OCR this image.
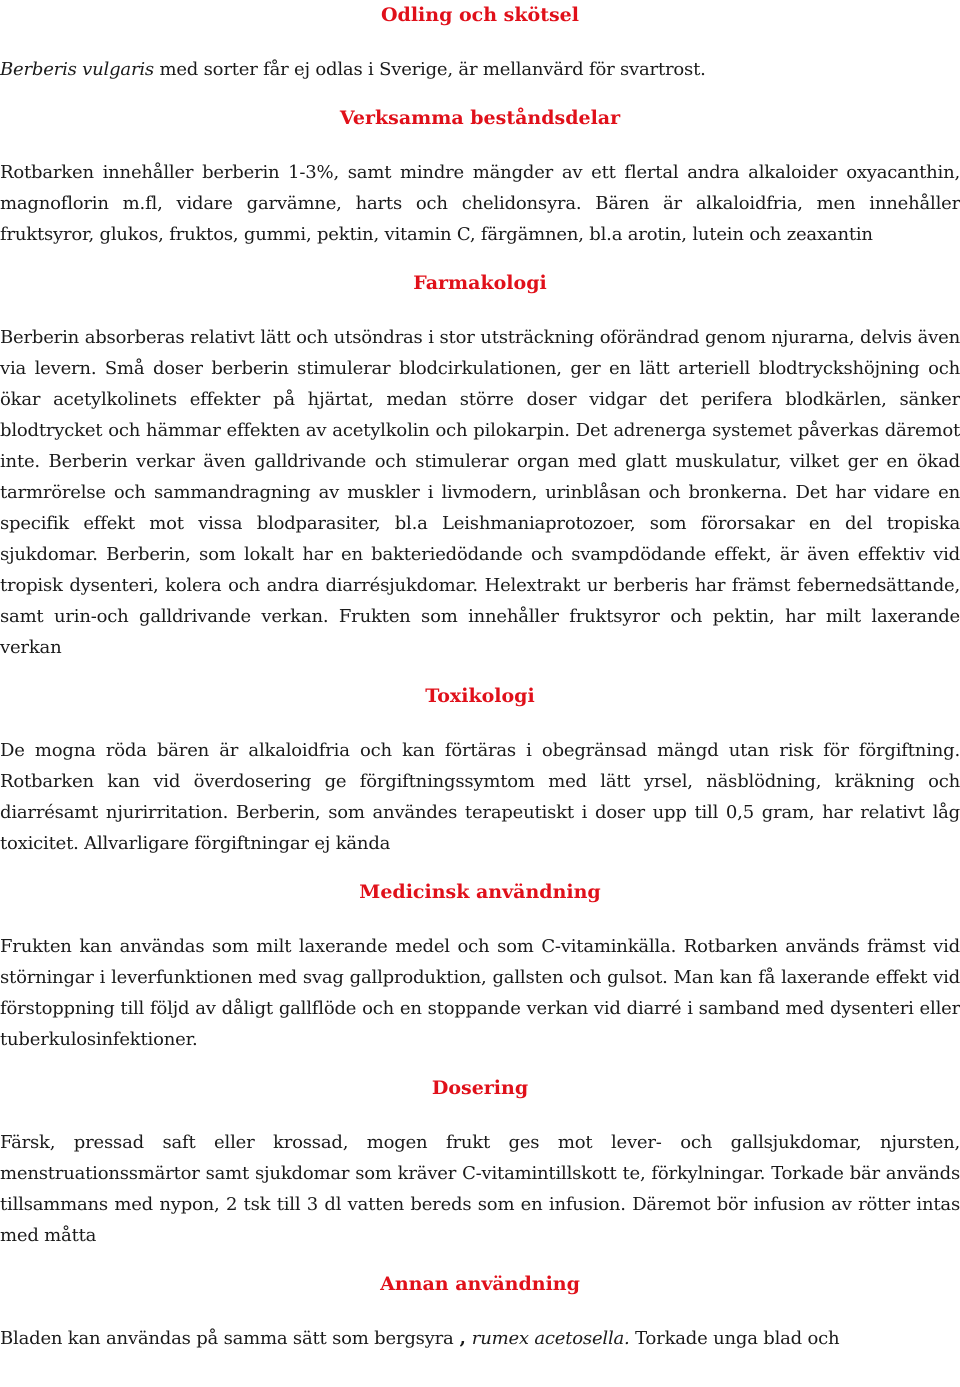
Odling och skötsel

Berberis vulgaris med sorter får ej odlas i Sverige, är mellanvärd för svartrost.

Verksamma beståndsdelar

Rotbarken innehåller berberin 1-3%, samt mindre mängder av ett flertal andra alkaloider oxyacanthin, magnoflorin m.fl, vidare garvämne, harts och chelidonsyra. Bären är alkaloidfria, men innehåller fruktsyror, glukos, fruktos, gummi, pektin, vitamin C, färgämnen, bl.a arotin, lutein och zeaxantin

Farmakologi

Berberin absorberas relativt lätt och utsöndras i stor utsträckning oförändrad genom njurarna, delvis även via levern. Små doser berberin stimulerar blodcirkulationen, ger en lätt arteriell blodtryckshöjning och ökar acetylkolinets effekter på hjärtat, medan större doser vidgar det perifera blodkärlen, sänker blodtrycket och hämmar effekten av acetylkolin och pilokarpin. Det adrenerga systemet påverkas däremot inte. Berberin verkar även galldrivande och stimulerar organ med glatt muskulatur, vilket ger en ökad tarmrörelse och sammandragning av muskler i livmodern, urinblåsan och bronkerna. Det har vidare en specifik effekt mot vissa blodparasiter, bl.a Leishmaniaprotozoer, som förorsakar en del tropiska sjukdomar. Berberin, som lokalt har en bakteriedödande och svampdödande effekt, är även effektiv vid tropisk dysenteri, kolera och andra diarrésjukdomar. Helextrakt ur berberis har främst febernedsättande, samt urin-och galldrivande verkan. Frukten som innehåller fruktsyror och pektin, har milt laxerande verkan

Toxikologi

De mogna röda bären är alkaloidfria och kan förtäras i obegränsad mängd utan risk för förgiftning. Rotbarken kan vid överdosering ge förgiftningssymtom med lätt yrsel, näsblödning, kräkning och diarrésamt njurirritation. Berberin, som användes terapeutiskt i doser upp till 0,5 gram, har relativt låg toxicitet. Allvarligare förgiftningar ej kända

Medicinsk användning

Frukten kan användas som milt laxerande medel och som C-vitaminkälla. Rotbarken används främst vid störningar i leverfunktionen med svag gallproduktion, gallsten och gulsot. Man kan få laxerande effekt vid förstoppning till följd av dåligt gallflöde och en stoppande verkan vid diarré i samband med dysenteri eller tuberkulosinfektioner.

Dosering

Färsk, pressad saft eller krossad, mogen frukt ges mot lever- och gallsjukdomar, njursten, menstruationssmärtor samt sjukdomar som kräver C-vitamintillskott te, förkylningar. Torkade bär används tillsammans med nypon, 2 tsk till 3 dl vatten bereds som en infusion. Däremot bör infusion av rötter intas med måtta

Annan användning

Bladen kan användas på samma sätt som bergsyra , rumex acetosella. Torkade unga blad och
